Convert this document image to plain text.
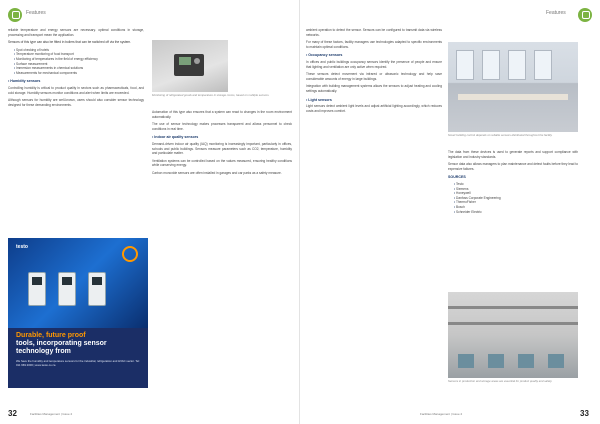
Features

reliable temperature and energy sensors are necessary. optimal conditions in storage, processing and transport mean the application.

Sensors of this type can also be fitted in boilers that can be switched off via the system.

• Spot checking of hotels
• Temperature monitoring of food transport
• Monitoring of temperatures in the field of energy efficiency
• Surface measurement
• Immersion measurements in chemical solutions
• Measurements for mechanical components
• Humidity sensors

Controlling humidity is critical to product quality in sectors such as pharmaceuticals, food, and cold storage. Humidity sensors monitor conditions and alert when limits are exceeded.

Although sensors for humidity are well-known, users should also consider sensor technology designed for these demanding environments.

Monitoring of refrigerated goods and temperature in storage rooms, based on multiple sensors.

Automation of this type also ensures that a system can react to changes in the room environment automatically.

The use of sensor technology makes processes transparent and allows personnel to check conditions in real time.

• Indoor air quality sensors

Demand-driven indoor air quality (IAQ) monitoring is increasingly important, particularly in offices, schools and public buildings. Sensors measure parameters such as CO2, temperature, humidity and particulate matter.

Ventilation systems can be controlled based on the values measured, ensuring healthy conditions while conserving energy.

Carbon monoxide sensors are often installed in garages and car parks as a safety measure.

testo
Durable, future proof
tools, incorporating sensor
technology from
We have the humidity and temperature sensors for the industrial, refrigeration and HVAC sector. Tel: 011 669 2000 | www.testo.co.za
32	Facilities Management | Issue 2
Features

ambient operation to detect the sensor. Sensors can be configured to transmit data via wireless networks.

For many of these factors, facility managers use technologies adapted to specific environments to maintain optimal conditions.

• Occupancy sensors

In offices and public buildings occupancy sensors identify the presence of people and ensure that lighting and ventilation are only active when required.

These sensors detect movement via infrared or ultrasonic technology and help save considerable amounts of energy in large buildings.

Integration with building management systems allows the sensors to adjust heating and cooling settings automatically.

• Light sensors

Light sensors detect ambient light levels and adjust artificial lighting accordingly, which reduces costs and improves comfort.

Smart building control depends on reliable sensors distributed throughout the facility.

The data from these devices is used to generate reports and support compliance with legislation and industry standards.

Sensor data also allows managers to plan maintenance and detect faults before they lead to expensive failures.

SOURCES
• Testo
• Siemens
• Honeywell
• Danfoss Corporate Engineering
• ThermoFisher
• Bosch
• Schneider Electric
Sensors in production and storage areas are essential for product quality and safety.
Facilities Management | Issue 2	33
